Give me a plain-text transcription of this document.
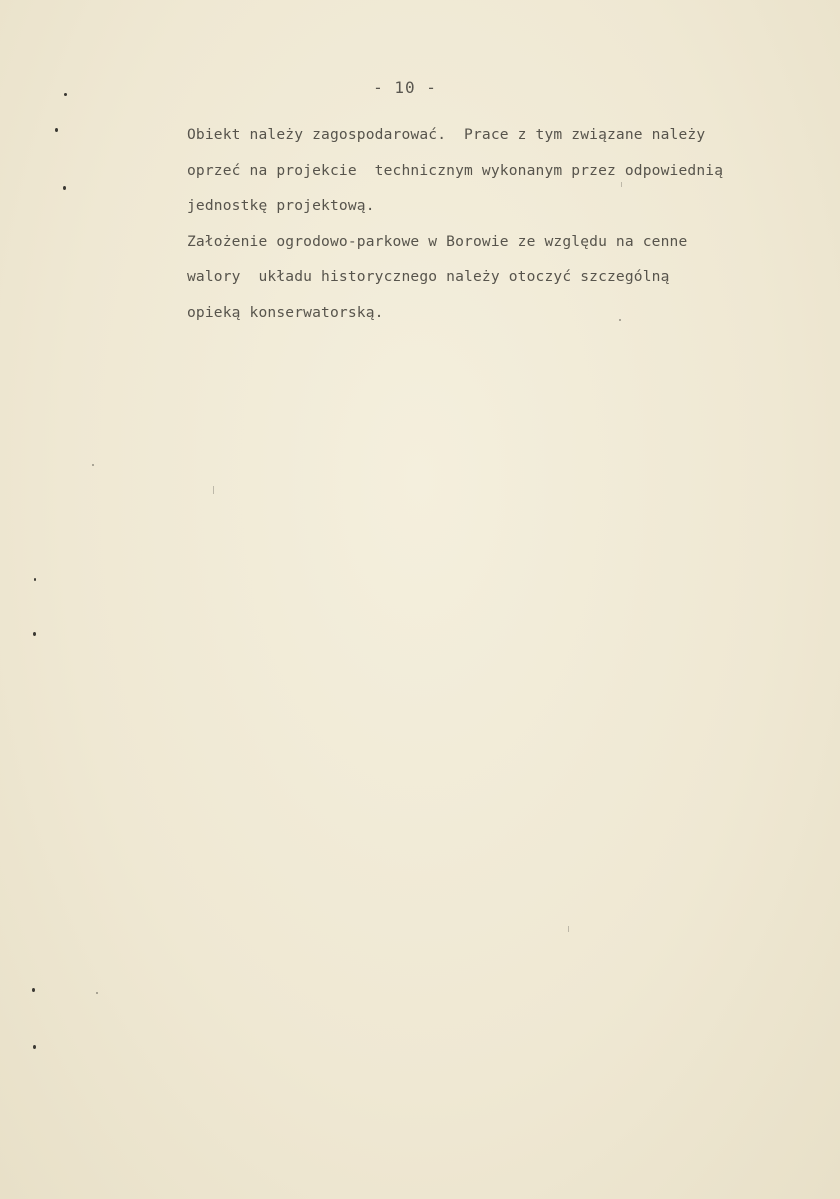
- 10 -
Obiekt należy zagospodarować.  Prace z tym związane należy
oprzeć na projekcie  technicznym wykonanym przez odpowiednią
jednostkę projektową.
Założenie ogrodowo-parkowe w Borowie ze względu na cenne
walory  układu historycznego należy otoczyć szczególną
opieką konserwatorską.
